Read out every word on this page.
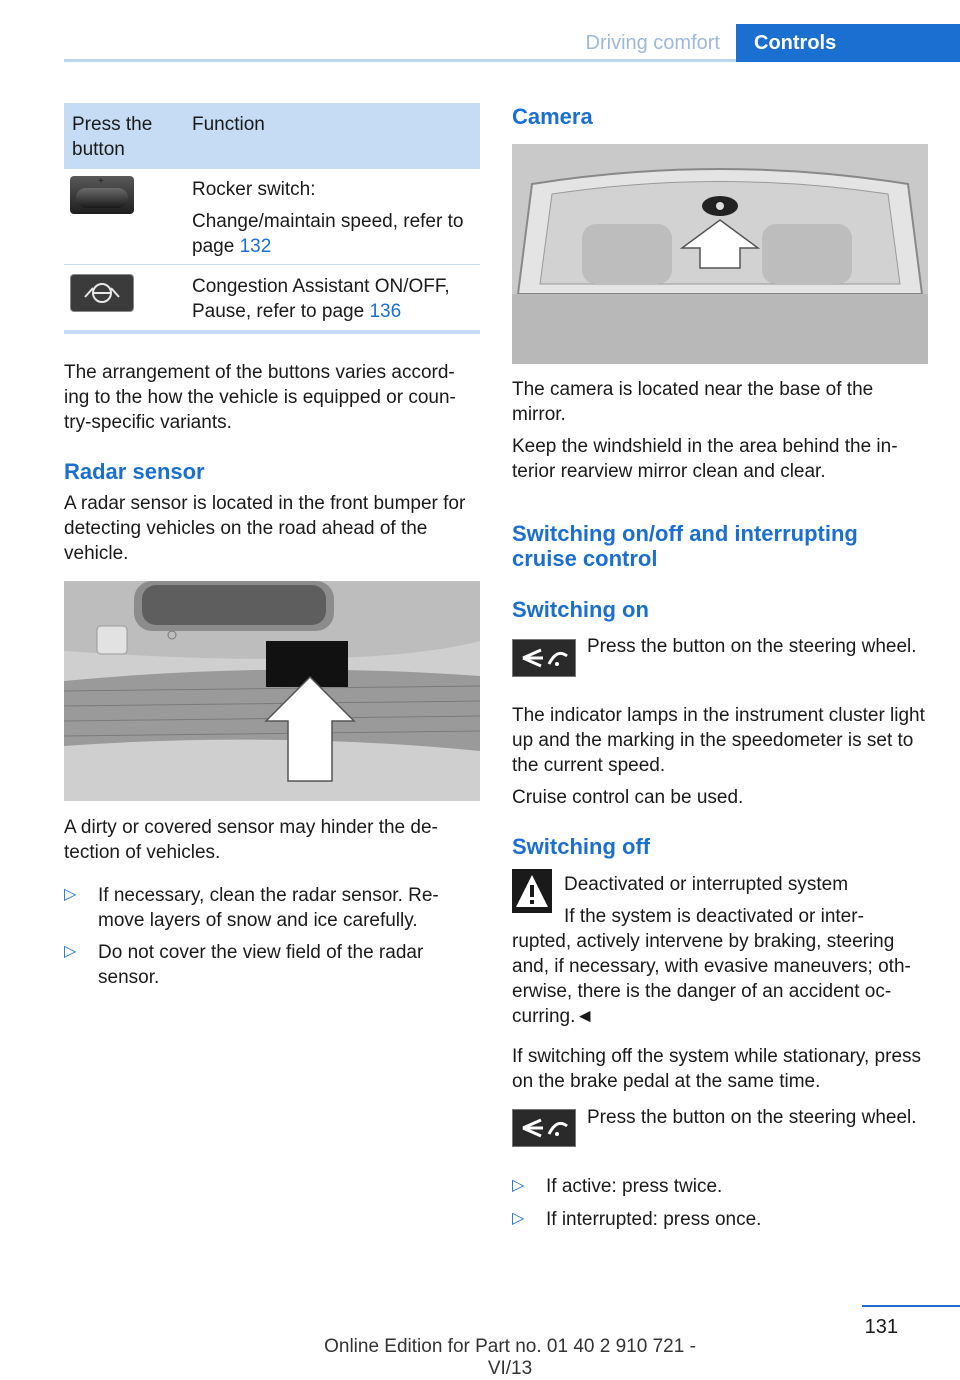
Driving comfort	Controls
Press the button
Function
+	Rocker switch:
Change/maintain speed, refer to page 132
Congestion Assistant ON/OFF, Pause, refer to page 136
The arrangement of the buttons varies accord-ing to the how the vehicle is equipped or coun-try-specific variants.
Radar sensor
A radar sensor is located in the front bumper for detecting vehicles on the road ahead of the vehicle.
A dirty or covered sensor may hinder the de-tection of vehicles.
▷ If necessary, clean the radar sensor. Re-move layers of snow and ice carefully.
▷ Do not cover the view field of the radar sensor.
Camera
The camera is located near the base of the mirror.
Keep the windshield in the area behind the in-terior rearview mirror clean and clear.
Switching on/off and interrupting cruise control
Switching on
Press the button on the steering wheel.
The indicator lamps in the instrument cluster light up and the marking in the speedometer is set to the current speed.
Cruise control can be used.
Switching off
Deactivated or interrupted system
If the system is deactivated or inter-
rupted, actively intervene by braking, steering and, if necessary, with evasive maneuvers; oth-erwise, there is the danger of an accident oc-curring.◄
If switching off the system while stationary, press on the brake pedal at the same time.
Press the button on the steering wheel.
▷ If active: press twice.
▷ If interrupted: press once.
131
Online Edition for Part no. 01 40 2 910 721 - VI/13
